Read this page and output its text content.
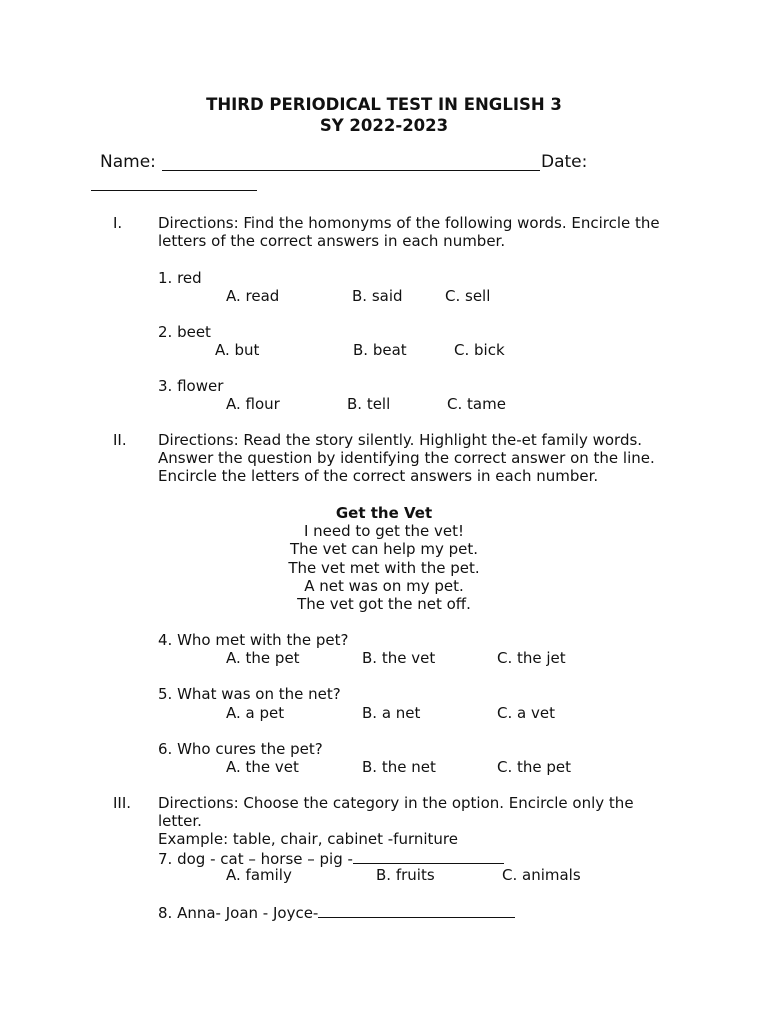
THIRD PERIODICAL TEST IN ENGLISH 3
SY 2022-2023
Name:	Date:
I. Directions: Find the homonyms of the following words. Encircle the
letters of the correct answers in each number.
1. red
A. read	B. said	C. sell
2. beet
A. but	B. beat	C. bick
3. flower
A. flour	B. tell	C. tame
II. Directions: Read the story silently. Highlight the-et family words.
Answer the question by identifying the correct answer on the line.
Encircle the letters of the correct answers in each number.
Get the Vet
I need to get the vet!
The vet can help my pet.
The vet met with the pet.
A net was on my pet.
The vet got the net off.
4. Who met with the pet?
A. the pet	B. the vet	C. the jet
5. What was on the net?
A. a pet	B. a net	C. a vet
6. Who cures the pet?
A. the vet	B. the net	C. the pet
III. Directions: Choose the category in the option. Encircle only the
letter.
Example: table, chair, cabinet -furniture
7. dog - cat – horse – pig -
A. family	B. fruits	C. animals
8. Anna- Joan - Joyce-
